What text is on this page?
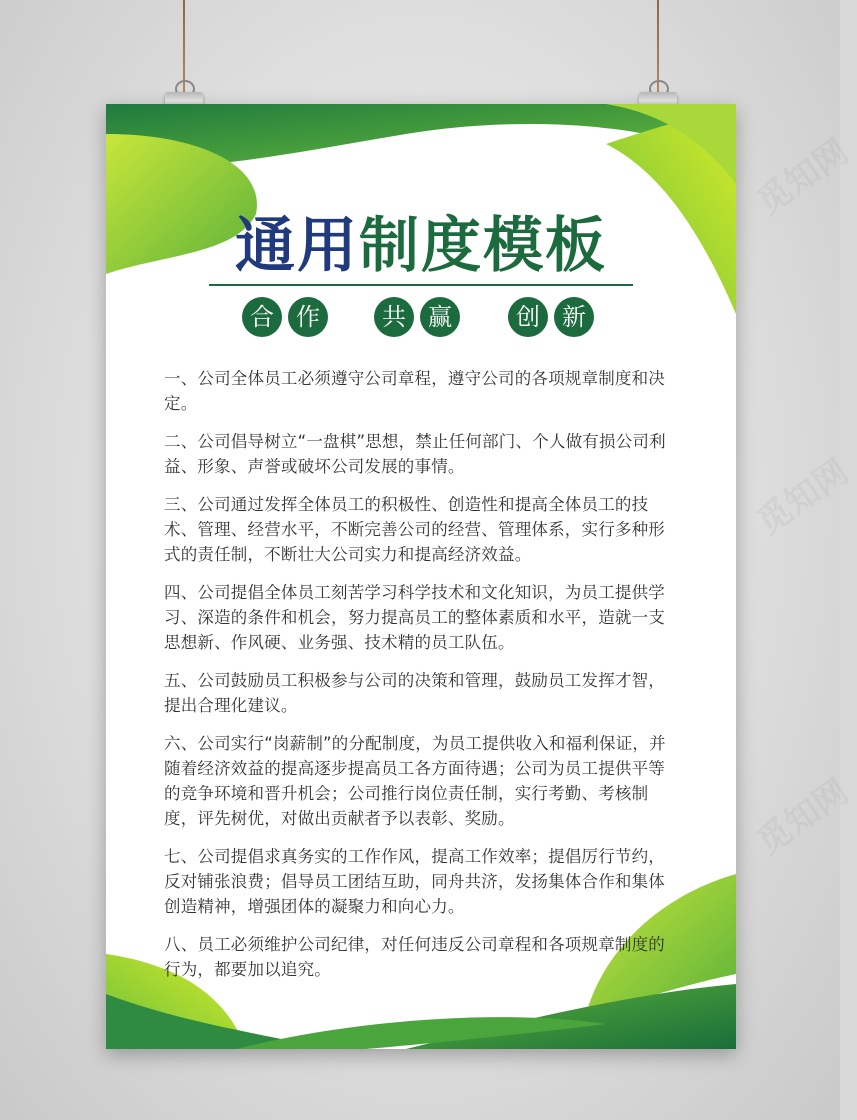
通用制度模板
合 作	共 赢	创 新

一、公司全体员工必须遵守公司章程，遵守公司的各项规章制度和决定。

二、公司倡导树立“一盘棋”思想，禁止任何部门、个人做有损公司利益、形象、声誉或破坏公司发展的事情。

三、公司通过发挥全体员工的积极性、创造性和提高全体员工的技术、管理、经营水平，不断完善公司的经营、管理体系，实行多种形式的责任制，不断壮大公司实力和提高经济效益。

四、公司提倡全体员工刻苦学习科学技术和文化知识，为员工提供学习、深造的条件和机会，努力提高员工的整体素质和水平，造就一支思想新、作风硬、业务强、技术精的员工队伍。

五、公司鼓励员工积极参与公司的决策和管理，鼓励员工发挥才智，提出合理化建议。

六、公司实行“岗薪制”的分配制度，为员工提供收入和福利保证，并随着经济效益的提高逐步提高员工各方面待遇；公司为员工提供平等的竞争环境和晋升机会；公司推行岗位责任制，实行考勤、考核制度，评先树优，对做出贡献者予以表彰、奖励。

七、公司提倡求真务实的工作作风，提高工作效率；提倡厉行节约，反对铺张浪费；倡导员工团结互助，同舟共济，发扬集体合作和集体创造精神，增强团体的凝聚力和向心力。

八、员工必须维护公司纪律，对任何违反公司章程和各项规章制度的行为，都要加以追究。
